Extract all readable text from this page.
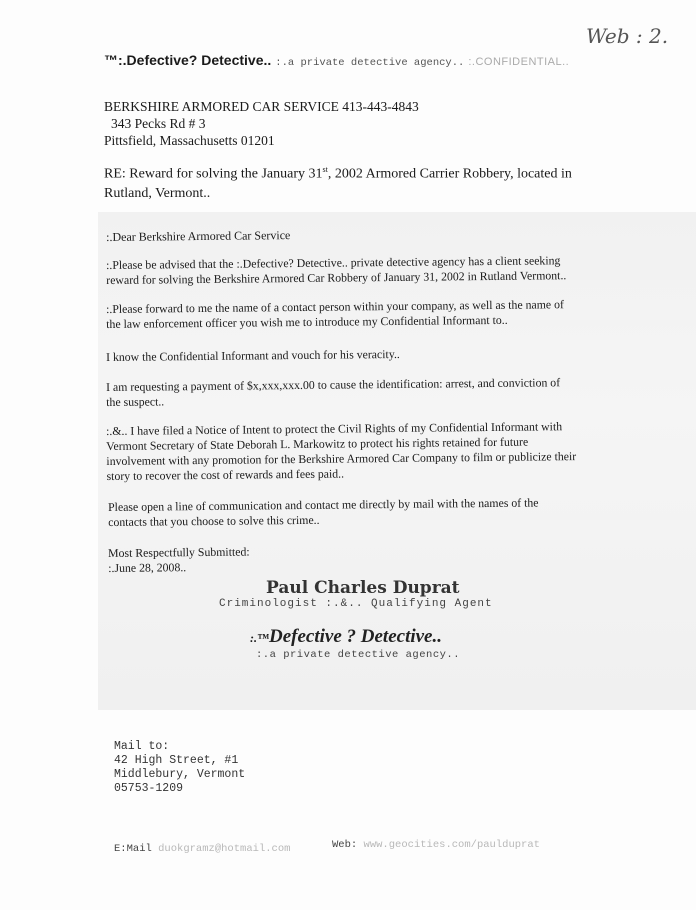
Web : 2.
™:.Defective? Detective.. :.a private detective agency.. :.CONFIDENTIAL..
BERKSHIRE ARMORED CAR SERVICE 413-443-4843
343 Pecks Rd # 3
Pittsfield, Massachusetts 01201
RE: Reward for solving the January 31st, 2002 Armored Carrier Robbery, located in
Rutland, Vermont..
:.Dear Berkshire Armored Car Service
:.Please be advised that the :.Defective? Detective.. private detective agency has a client seeking
reward for solving the Berkshire Armored Car Robbery of January 31, 2002 in Rutland Vermont..
:.Please forward to me the name of a contact person within your company, as well as the name of
the law enforcement officer you wish me to introduce my Confidential Informant to..
I know the Confidential Informant and vouch for his veracity..
I am requesting a payment of $x,xxx,xxx.00 to cause the identification: arrest, and conviction of
the suspect..
:.&.. I have filed a Notice of Intent to protect the Civil Rights of my Confidential Informant with
Vermont Secretary of State Deborah L. Markowitz to protect his rights retained for future
involvement with any promotion for the Berkshire Armored Car Company to film or publicize their
story to recover the cost of rewards and fees paid..
Please open a line of communication and contact me directly by mail with the names of the
contacts that you choose to solve this crime..
Most Respectfully Submitted:
:.June 28, 2008..
Paul Charles Duprat
Criminologist :.&.. Qualifying Agent
:.™Defective ? Detective..
:.a private detective agency..
Mail to:
42 High Street, #1
Middlebury, Vermont
05753-1209
E:Mail duokgramz@hotmail.com	Web: www.geocities.com/paulduprat
